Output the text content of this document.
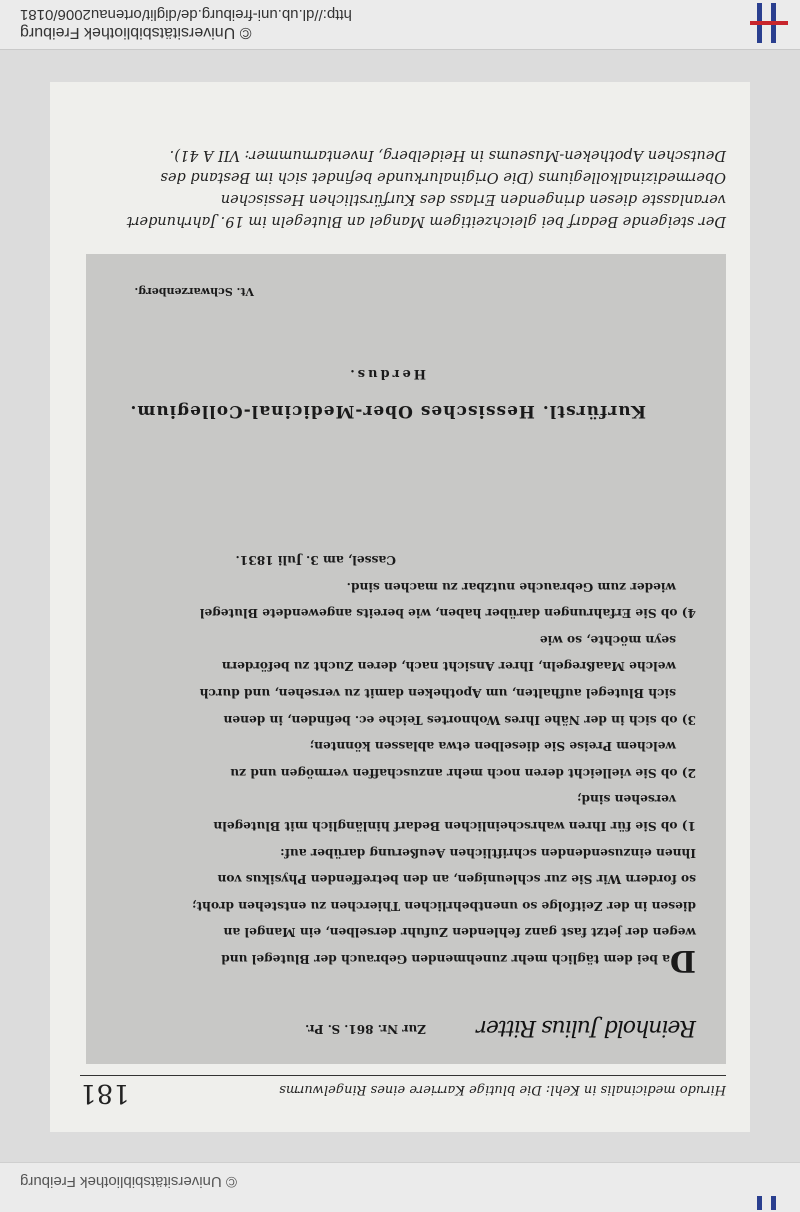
© Universitätsbibliothek Freiburg
http://dl.ub.uni-freiburg.de/diglit/ortenau2006/0181
© Universitätsbibliothek Freiburg
Hirudo medicinalis in Kehl: Die blutige Karriere eines Ringelwurms
181
Reinhold Julius Ritter
Zur Nr. 861. S. Pr.

Da bei dem täglich mehr zunehmenden Gebrauch der Blutegel und

wegen der jetzt fast ganz fehlenden Zufuhr derselben, ein Mangel an

diesen in der Zeitfolge so unentbehrlichen Thierchen zu entstehen droht;

so fordern Wir Sie zur schleunigen, an den betreffenden Physikus von

Ihnen einzusendenden schriftlichen Aeußerung darüber auf:

1) ob Sie für Ihren wahrscheinlichen Bedarf hinlänglich mit Blutegeln

versehen sind;

2) ob Sie vielleicht deren noch mehr anzuschaffen vermögen und zu

welchem Preise Sie dieselben etwa ablassen könnten;

3) ob sich in der Nähe Ihres Wohnortes Teiche ec. befinden, in denen

sich Blutegel aufhalten, um Apotheken damit zu versehen, und durch

welche Maaßregeln, Ihrer Ansicht nach, deren Zucht zu befördern

seyn möchte, so wie

4) ob Sie Erfahrungen darüber haben, wie bereits angewendete Blutegel

wieder zum Gebrauche nutzbar zu machen sind.

Cassel, am 3. Juli 1831.

Kurfürstl. Hessisches Ober-Medicinal-Collegium.
Herdus.
Vt. Schwarzenberg.
Der steigende Bedarf bei gleichzeitigem Mangel an Blutegeln im 19. Jahrhundert veranlasste diesen dringenden Erlass des Kurfürstlichen Hessischen Obermedizinalkollegiums (Die Originalurkunde befindet sich im Bestand des Deutschen Apotheken-Museums in Heidelberg, Inventarnummer: VII A 41).
